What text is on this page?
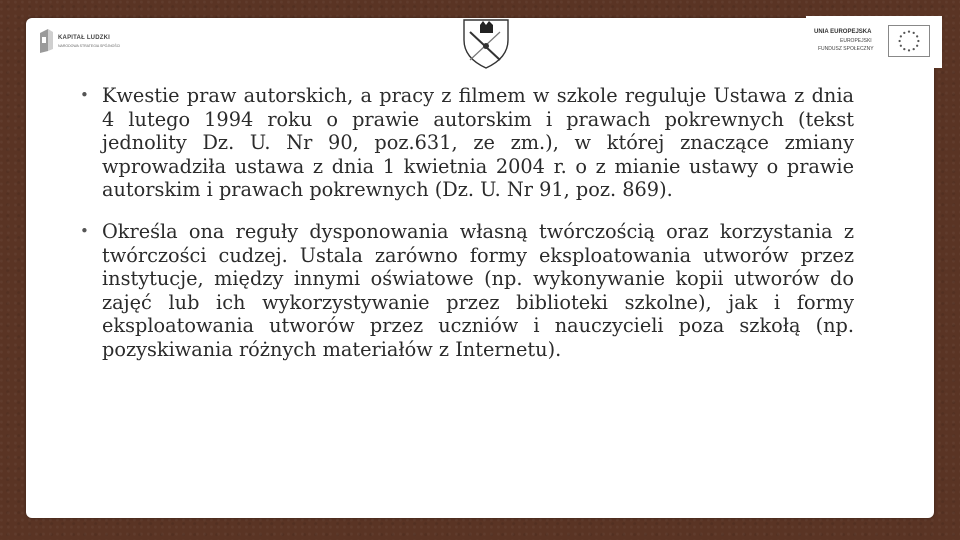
KAPITAŁ LUDZKI
NARODOWA STRATEGIA SPÓJNOŚCI
UNIA EUROPEJSKA
EUROPEJSKI
FUNDUSZ SPOŁECZNY
• Kwestie praw autorskich, a pracy z filmem w szkole reguluje Ustawa z dnia 4 lutego 1994 roku o prawie autorskim i prawach pokrewnych (tekst jednolity Dz. U. Nr 90, poz.631, ze zm.), w której znaczące zmiany wprowadziła ustawa z dnia 1 kwietnia 2004 r. o z mianie ustawy o prawie autorskim i prawach pokrewnych (Dz. U. Nr 91, poz. 869).
• Określa ona reguły dysponowania własną twórczością oraz korzystania z twórczości cudzej. Ustala zarówno formy eksploatowania utworów przez instytucje, między innymi oświatowe (np. wykonywanie kopii utworów do zajęć lub ich wykorzystywanie przez biblioteki szkolne), jak i formy eksploatowania utworów przez uczniów i nauczycieli poza szkołą (np. pozyskiwania różnych materiałów z Internetu).
